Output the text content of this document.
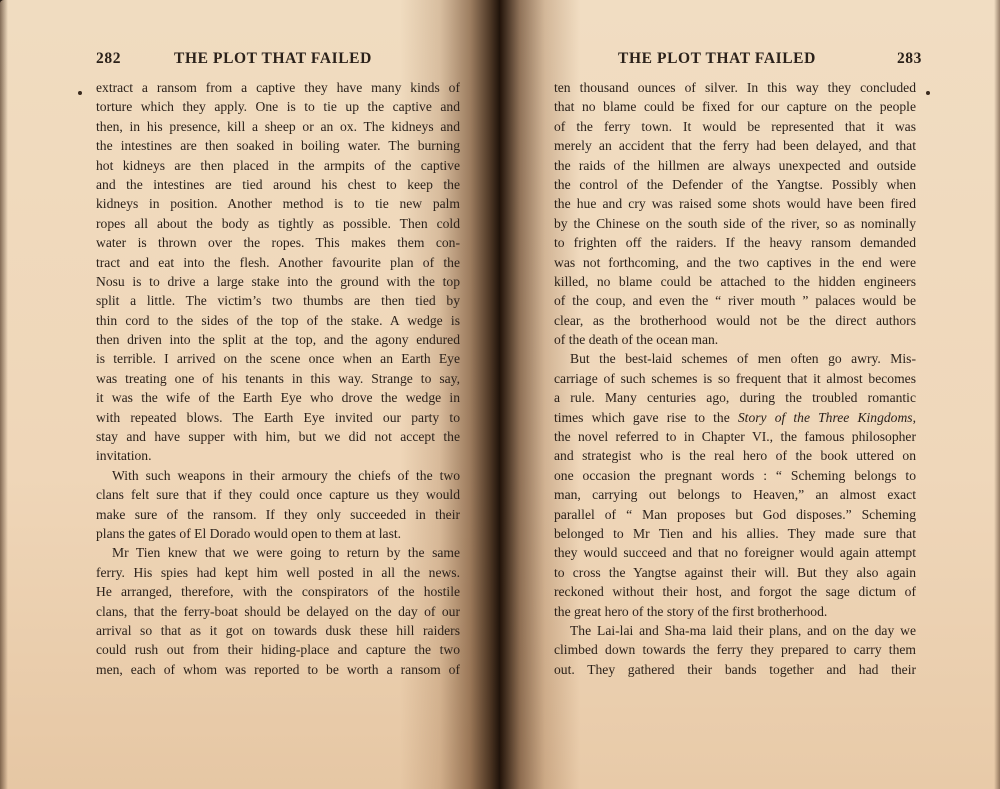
282	THE PLOT THAT FAILED
extract a ransom from a captive they have many kinds of
torture which they apply. One is to tie up the captive and
then, in his presence, kill a sheep or an ox. The kidneys and
the intestines are then soaked in boiling water. The burning
hot kidneys are then placed in the armpits of the captive
and the intestines are tied around his chest to keep the
kidneys in position. Another method is to tie new palm
ropes all about the body as tightly as possible. Then cold
water is thrown over the ropes. This makes them con-
tract and eat into the flesh. Another favourite plan of the
Nosu is to drive a large stake into the ground with the top
split a little. The victim’s two thumbs are then tied by
thin cord to the sides of the top of the stake. A wedge is
then driven into the split at the top, and the agony endured
is terrible. I arrived on the scene once when an Earth Eye
was treating one of his tenants in this way. Strange to say,
it was the wife of the Earth Eye who drove the wedge in
with repeated blows. The Earth Eye invited our party to
stay and have supper with him, but we did not accept the
invitation.
With such weapons in their armoury the chiefs of the two
clans felt sure that if they could once capture us they would
make sure of the ransom. If they only succeeded in their
plans the gates of El Dorado would open to them at last.
Mr Tien knew that we were going to return by the same
ferry. His spies had kept him well posted in all the news.
He arranged, therefore, with the conspirators of the hostile
clans, that the ferry-boat should be delayed on the day of our
arrival so that as it got on towards dusk these hill raiders
could rush out from their hiding-place and capture the two
men, each of whom was reported to be worth a ransom of
THE PLOT THAT FAILED	283
ten thousand ounces of silver. In this way they concluded
that no blame could be fixed for our capture on the people
of the ferry town. It would be represented that it was
merely an accident that the ferry had been delayed, and that
the raids of the hillmen are always unexpected and outside
the control of the Defender of the Yangtse. Possibly when
the hue and cry was raised some shots would have been fired
by the Chinese on the south side of the river, so as nominally
to frighten off the raiders. If the heavy ransom demanded
was not forthcoming, and the two captives in the end were
killed, no blame could be attached to the hidden engineers
of the coup, and even the “ river mouth ” palaces would be
clear, as the brotherhood would not be the direct authors
of the death of the ocean man.
But the best-laid schemes of men often go awry. Mis-
carriage of such schemes is so frequent that it almost becomes
a rule. Many centuries ago, during the troubled romantic
times which gave rise to the Story of the Three Kingdoms,
the novel referred to in Chapter VI., the famous philosopher
and strategist who is the real hero of the book uttered on
one occasion the pregnant words : “ Scheming belongs to
man, carrying out belongs to Heaven,” an almost exact
parallel of “ Man proposes but God disposes.” Scheming
belonged to Mr Tien and his allies. They made sure that
they would succeed and that no foreigner would again attempt
to cross the Yangtse against their will. But they also again
reckoned without their host, and forgot the sage dictum of
the great hero of the story of the first brotherhood.
The Lai-lai and Sha-ma laid their plans, and on the day we
climbed down towards the ferry they prepared to carry them
out. They gathered their bands together and had their
